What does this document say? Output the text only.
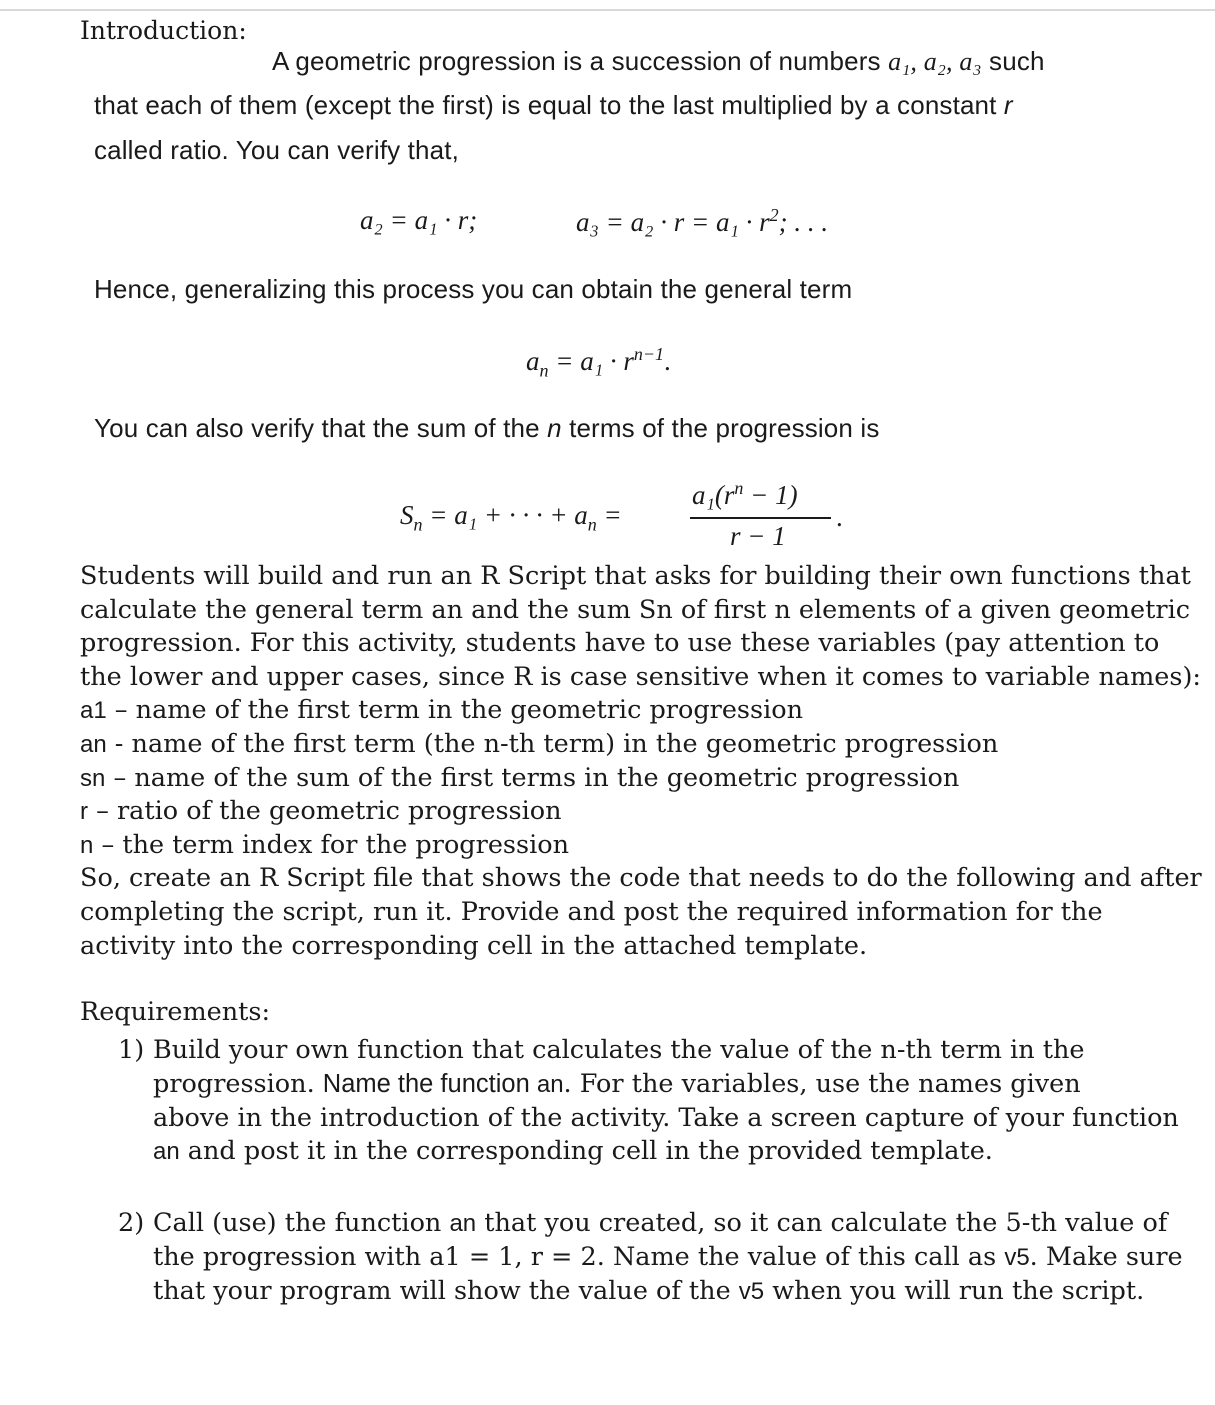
Introduction:
A geometric progression is a succession of numbers a₁, a₂, a₃ such
that each of them (except the first) is equal to the last multiplied by a constant r
called ratio. You can verify that,
a₂ = a₁ · r;	$a_3 = a_2 \cdot r = a_1 \cdot r^2$; . . .
Hence, generalizing this process you can obtain the general term
$a_n = a_1 \cdot r^{n-1}$.
You can also verify that the sum of the n terms of the progression is
$S_n = a_1$ + · · · + $a_n$ =
$a_1(r^n - 1)$
r − 1
.
Students will build and run an R Script that asks for building their own functions that
calculate the general term an and the sum Sn of first n elements of a given geometric
progression. For this activity, students have to use these variables (pay attention to
the lower and upper cases, since R is case sensitive when it comes to variable names):
a1 – name of the first term in the geometric progression
an - name of the first term (the n-th term) in the geometric progression
sn – name of the sum of the first terms in the geometric progression
r – ratio of the geometric progression
n – the term index for the progression
So, create an R Script file that shows the code that needs to do the following and after
completing the script, run it. Provide and post the required information for the
activity into the corresponding cell in the attached template.
Requirements:
1) Build your own function that calculates the value of the n-th term in the
progression. Name the function an. For the variables, use the names given
above in the introduction of the activity. Take a screen capture of your function
an and post it in the corresponding cell in the provided template.
2) Call (use) the function an that you created, so it can calculate the 5-th value of
the progression with a1 = 1, r = 2. Name the value of this call as v5. Make sure
that your program will show the value of the v5 when you will run the script.
